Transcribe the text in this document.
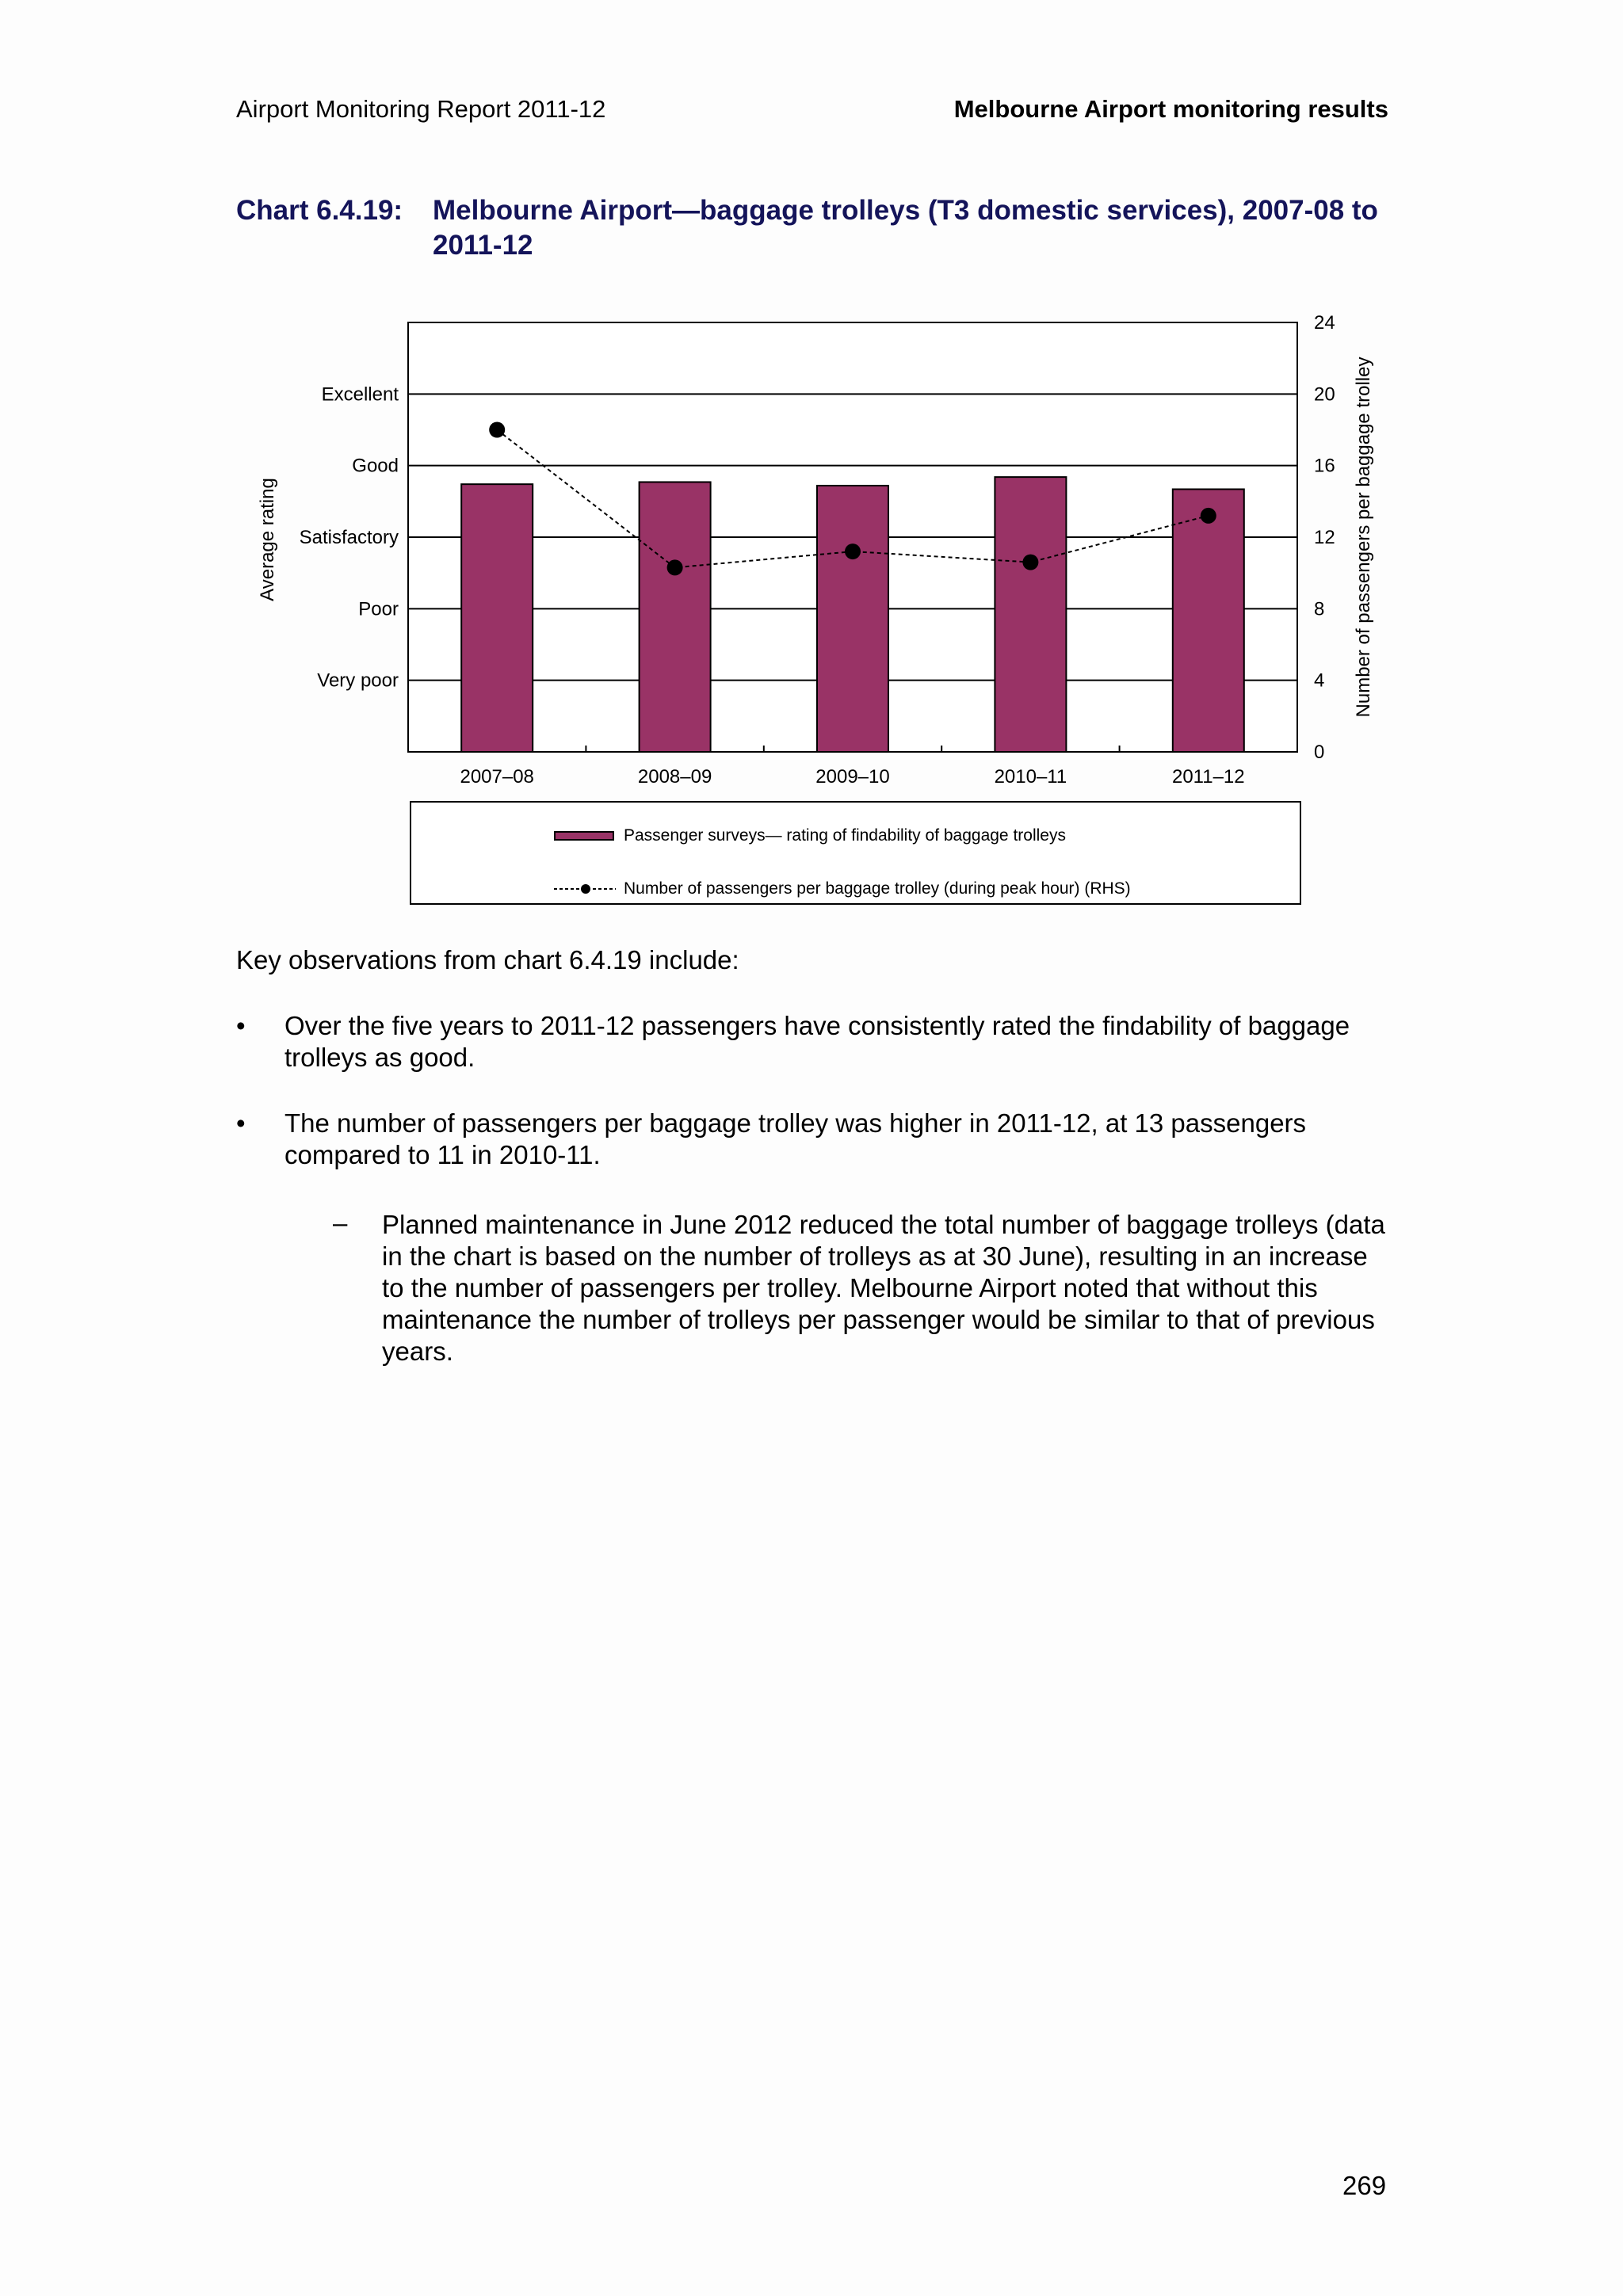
Airport Monitoring Report 2011-12	Melbourne Airport monitoring results
Chart 6.4.19: Melbourne Airport—baggage trolleys (T3 domestic services), 2007-08 to 2011-12
Very poor
Poor
Satisfactory
Good
Excellent
0
4
8
12
16
20
24
2007–08	2008–09	2009–10	2010–11	2011–12
Average rating	Number of passengers per baggage trolley
Passenger surveys— rating of findability of baggage trolleys
Number of passengers per baggage trolley (during peak hour) (RHS)
Key observations from chart 6.4.19 include:
•	Over the five years to 2011-12 passengers have consistently rated the findability of baggage trolleys as good.
•	The number of passengers per baggage trolley was higher in 2011-12, at 13 passengers compared to 11 in 2010-11.
– Planned maintenance in June 2012 reduced the total number of baggage trolleys (data in the chart is based on the number of trolleys as at 30 June), resulting in an increase to the number of passengers per trolley. Melbourne Airport noted that without this maintenance the number of trolleys per passenger would be similar to that of previous years.
269
